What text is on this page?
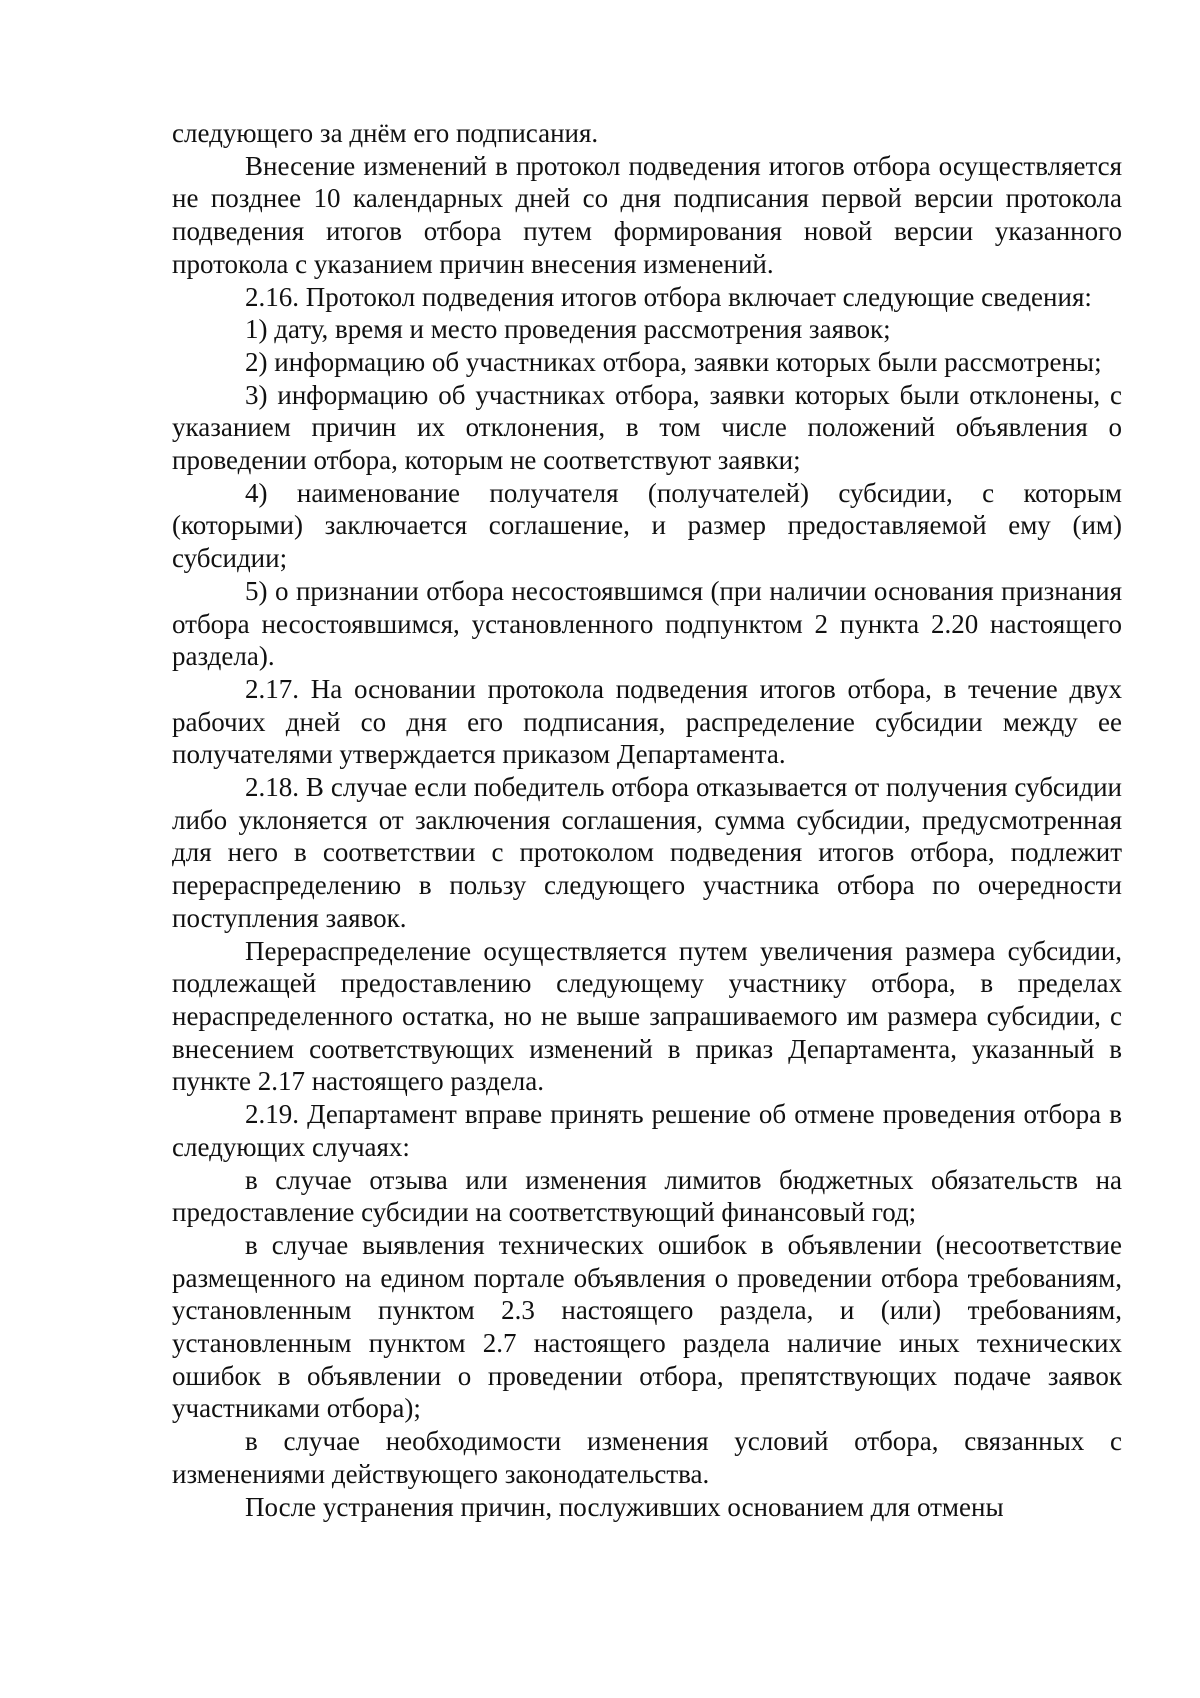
следующего за днём его подписания.

Внесение изменений в протокол подведения итогов отбора осуществляется не позднее 10 календарных дней со дня подписания первой версии протокола подведения итогов отбора путем формирования новой версии указанного протокола с указанием причин внесения изменений.

2.16. Протокол подведения итогов отбора включает следующие сведения:

1) дату, время и место проведения рассмотрения заявок;

2) информацию об участниках отбора, заявки которых были рассмотрены;

3) информацию об участниках отбора, заявки которых были отклонены, с указанием причин их отклонения, в том числе положений объявления о проведении отбора, которым не соответствуют заявки;

4) наименование получателя (получателей) субсидии, с которым (которыми) заключается соглашение, и размер предоставляемой ему (им) субсидии;

5) о признании отбора несостоявшимся (при наличии основания признания отбора несостоявшимся, установленного подпунктом 2 пункта 2.20 настоящего раздела).

2.17. На основании протокола подведения итогов отбора, в течение двух рабочих дней со дня его подписания, распределение субсидии между ее получателями утверждается приказом Департамента.

2.18. В случае если победитель отбора отказывается от получения субсидии либо уклоняется от заключения соглашения, сумма субсидии, предусмотренная для него в соответствии с протоколом подведения итогов отбора, подлежит перераспределению в пользу следующего участника отбора по очередности поступления заявок.

Перераспределение осуществляется путем увеличения размера субсидии, подлежащей предоставлению следующему участнику отбора, в пределах нераспределенного остатка, но не выше запрашиваемого им размера субсидии, с внесением соответствующих изменений в приказ Департамента, указанный в пункте 2.17 настоящего раздела.

2.19. Департамент вправе принять решение об отмене проведения отбора в следующих случаях:

в случае отзыва или изменения лимитов бюджетных обязательств на предоставление субсидии на соответствующий финансовый год;

в случае выявления технических ошибок в объявлении (несоответствие размещенного на едином портале объявления о проведении отбора требованиям, установленным пунктом 2.3 настоящего раздела, и (или) требованиям, установленным пунктом 2.7 настоящего раздела наличие иных технических ошибок в объявлении о проведении отбора, препятствующих подаче заявок участниками отбора);

в случае необходимости изменения условий отбора, связанных с изменениями действующего законодательства.

После устранения причин, послуживших основанием для отмены
